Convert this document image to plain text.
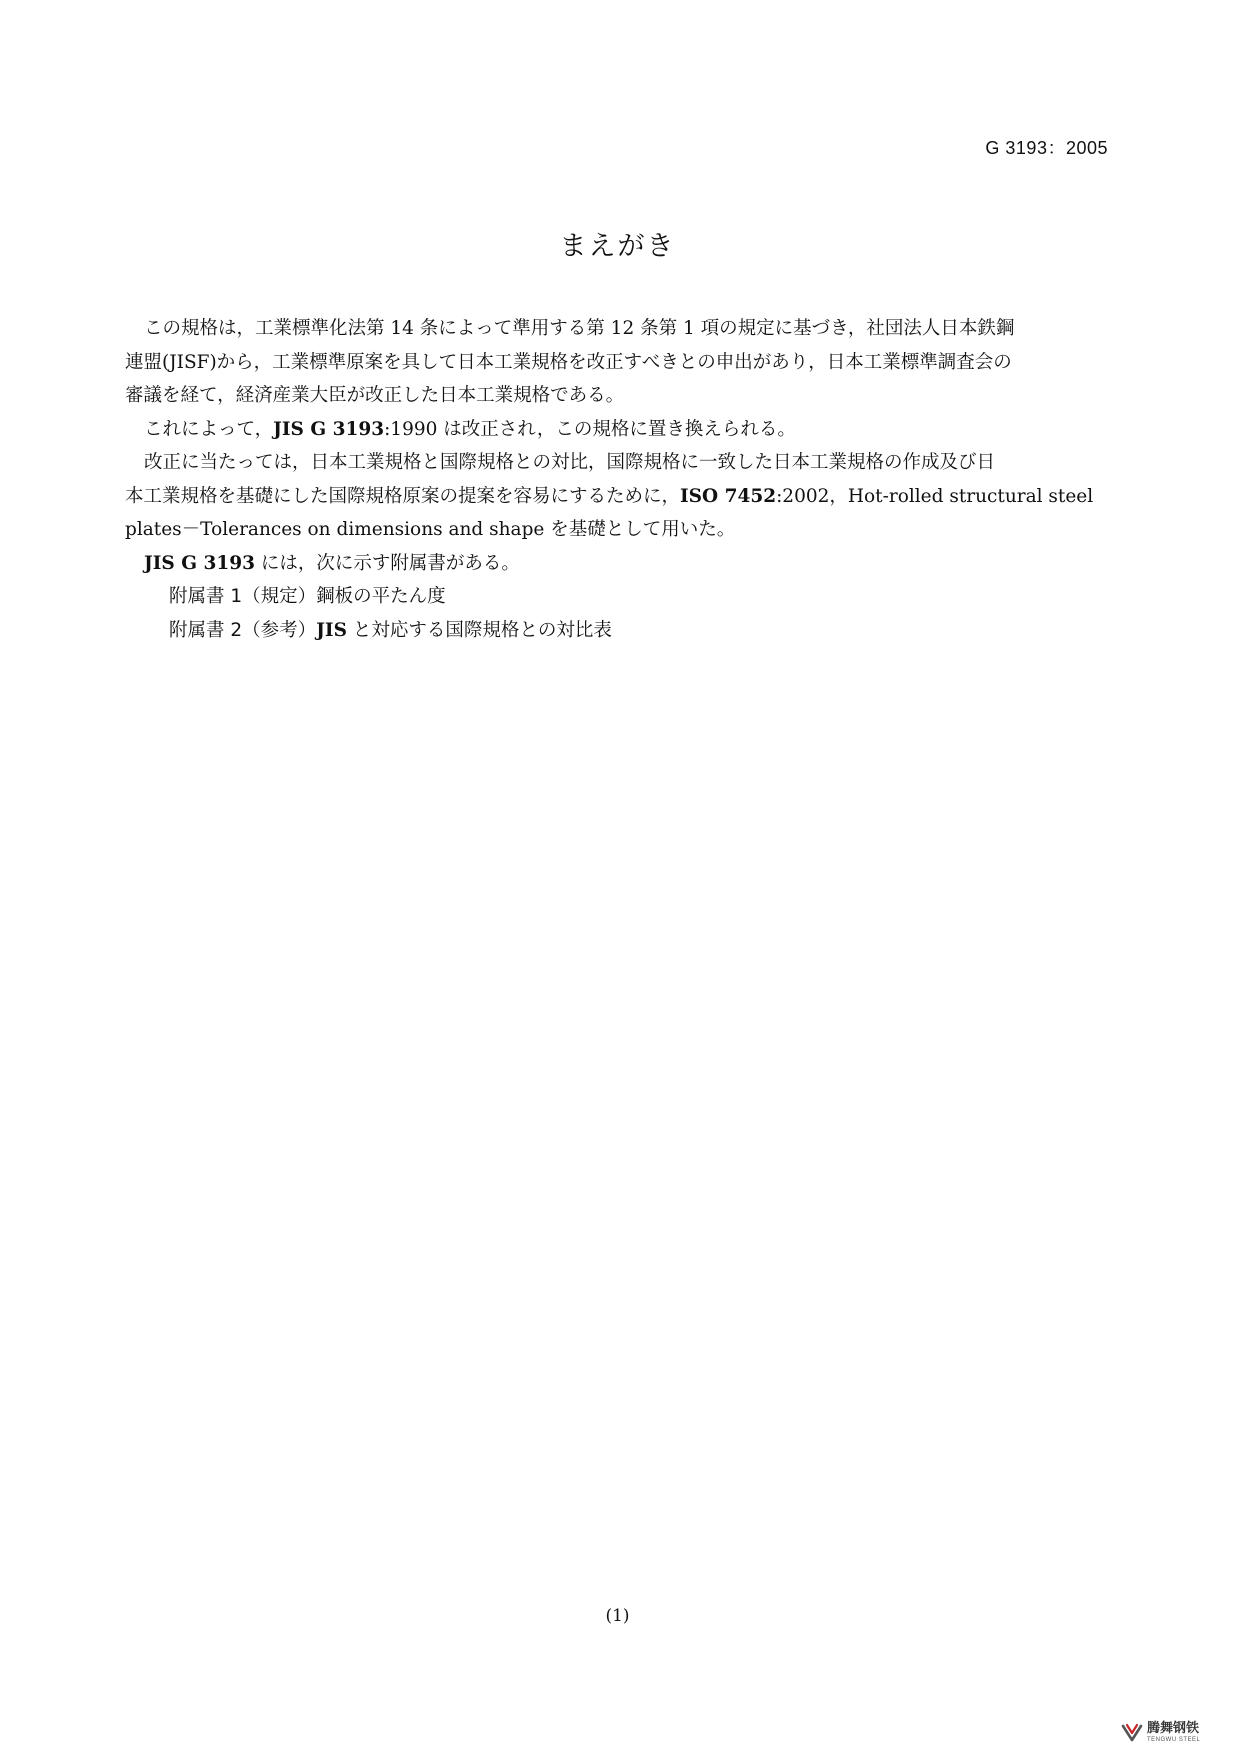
G 3193：2005
まえがき

この規格は，工業標準化法第 14 条によって準用する第 12 条第 1 項の規定に基づき，社団法人日本鉄鋼
連盟(JISF)から，工業標準原案を具して日本工業規格を改正すべきとの申出があり，日本工業標準調査会の
審議を経て，経済産業大臣が改正した日本工業規格である。

これによって，JIS G 3193:1990 は改正され，この規格に置き換えられる。

改正に当たっては，日本工業規格と国際規格との対比，国際規格に一致した日本工業規格の作成及び日
本工業規格を基礎にした国際規格原案の提案を容易にするために，ISO 7452:2002，Hot-rolled structural steel
plates－Tolerances on dimensions and shape を基礎として用いた。

JIS G 3193 には，次に示す附属書がある。

附属書 1（規定）鋼板の平たん度

附属書 2（参考）JIS と対応する国際規格との対比表

(1)
腾舞钢铁
TENGWU STEEL
